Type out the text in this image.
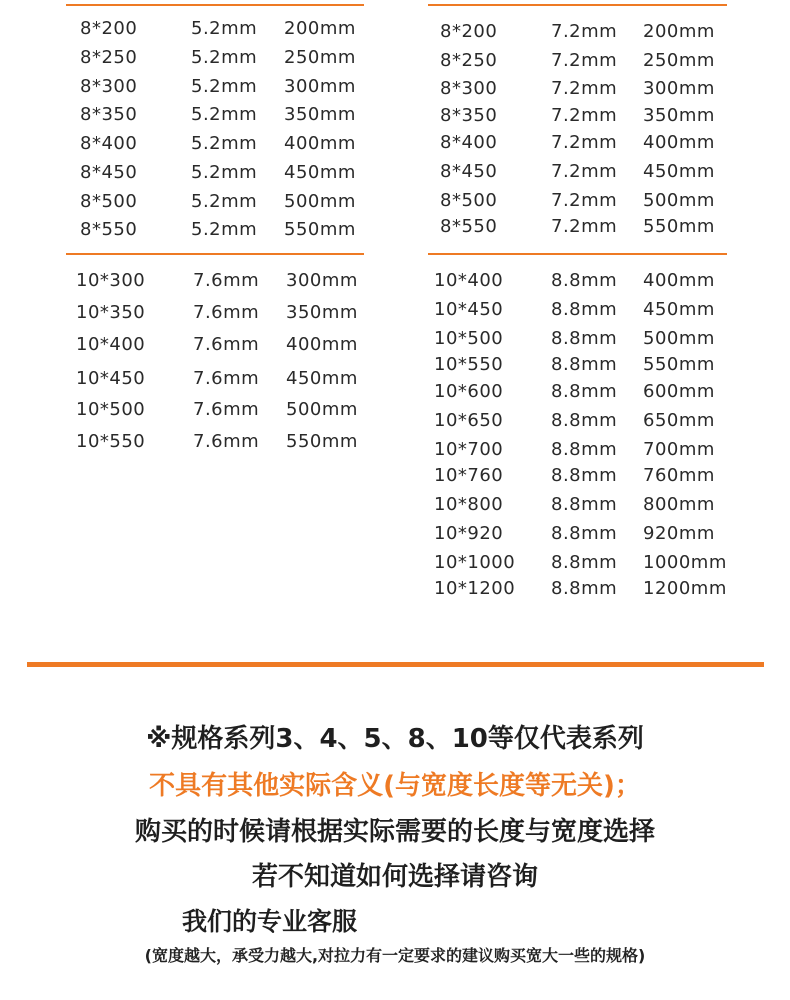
8*200	5.2mm 200mm
8*250	5.2mm 250mm
8*300	5.2mm 300mm
8*350	5.2mm 350mm
8*400	5.2mm 400mm
8*450	5.2mm 450mm
8*500	5.2mm 500mm
8*550	5.2mm 550mm
8*200	7.2mm 200mm
8*250	7.2mm 250mm
8*300	7.2mm 300mm
8*350	7.2mm 350mm
8*400	7.2mm 400mm
8*450	7.2mm 450mm
8*500	7.2mm 500mm
8*550	7.2mm 550mm
10*300	7.6mm 300mm
10*350	7.6mm 350mm
10*400	7.6mm 400mm
10*450	7.6mm 450mm
10*500	7.6mm 500mm
10*550	7.6mm 550mm
10*400	8.8mm 400mm
10*450	8.8mm 450mm
10*500	8.8mm 500mm
10*550	8.8mm 550mm
10*600	8.8mm 600mm
10*650	8.8mm 650mm
10*700	8.8mm 700mm
10*760	8.8mm 760mm
10*800	8.8mm 800mm
10*920	8.8mm 920mm
10*1000 8.8mm 1000mm
10*1200 8.8mm 1200mm
※规格系列3、4、5、8、10等仅代表系列
不具有其他实际含义(与宽度长度等无关)；
购买的时候请根据实际需要的长度与宽度选择
若不知道如何选择请咨询
我们的专业客服
(宽度越大，承受力越大,对拉力有一定要求的建议购买宽大一些的规格)
